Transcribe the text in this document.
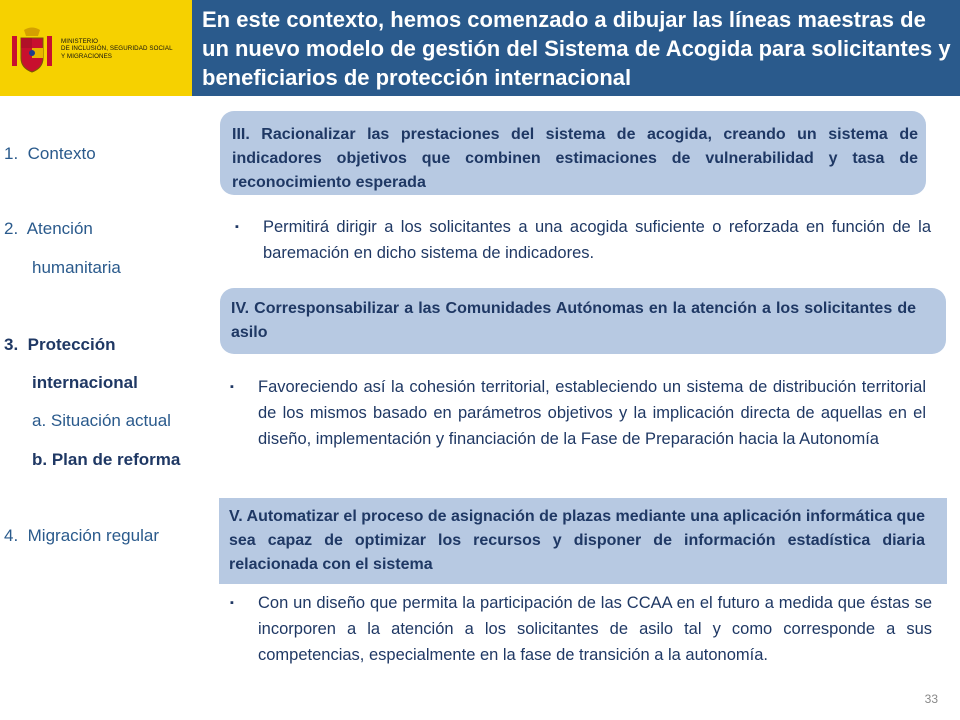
MINISTERIO
DE INCLUSIÓN, SEGURIDAD SOCIAL
Y MIGRACIONES
En este contexto, hemos comenzado a dibujar las líneas maestras de un nuevo modelo de gestión del Sistema de Acogida para solicitantes y beneficiarios de protección internacional
1. Contexto
2. Atención
humanitaria
3. Protección
internacional
a. Situación actual
b. Plan de reforma
4. Migración regular
III. Racionalizar las prestaciones del sistema de acogida, creando un sistema de indicadores objetivos que combinen estimaciones de vulnerabilidad y tasa de reconocimiento esperada
▪ Permitirá dirigir a los solicitantes a una acogida suficiente o reforzada en función de la baremación en dicho sistema de indicadores.
IV. Corresponsabilizar a las Comunidades Autónomas en la atención a los solicitantes de asilo
▪ Favoreciendo así la cohesión territorial, estableciendo un sistema de distribución territorial de los mismos basado en parámetros objetivos y la implicación directa de aquellas en el diseño, implementación y financiación de la Fase de Preparación hacia la Autonomía
V. Automatizar el proceso de asignación de plazas mediante una aplicación informática que sea capaz de optimizar los recursos y disponer de información estadística diaria relacionada con el sistema
▪ Con un diseño que permita la participación de las CCAA en el futuro a medida que éstas se incorporen a la atención a los solicitantes de asilo tal y como corresponde a sus competencias, especialmente en la fase de transición a la autonomía.
33
